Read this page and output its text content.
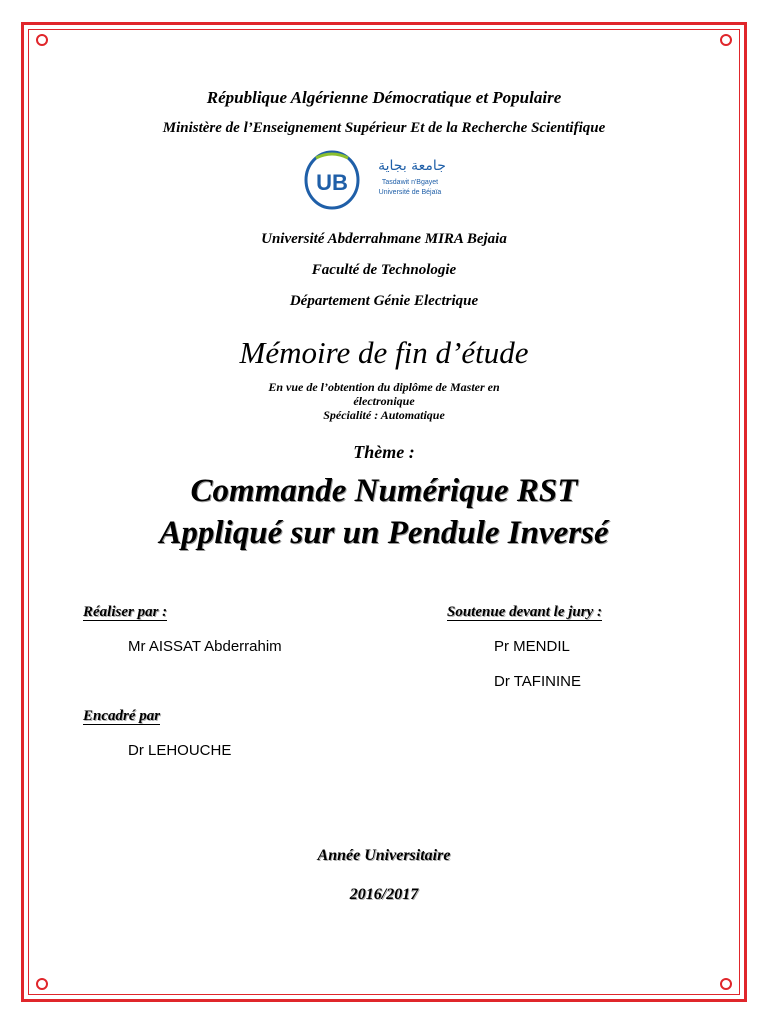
République Algérienne Démocratique et Populaire
Ministère de l’Enseignement Supérieur Et de la Recherche Scientifique
UB
جامعة بجاية
Tasdawit n'Bgayet
Université de Béjaïa
Université Abderrahmane MIRA Bejaia
Faculté de Technologie
Département Génie Electrique
Mémoire de fin d’étude
En vue de l’obtention du diplôme de Master en
électronique
Spécialité : Automatique
Thème :
Commande Numérique RST
Appliqué sur un Pendule Inversé
Réaliser par :	Soutenue devant le jury :
Mr AISSAT Abderrahim	Pr MENDIL
Dr TAFININE
Encadré par
Dr LEHOUCHE
Année Universitaire
2016/2017
